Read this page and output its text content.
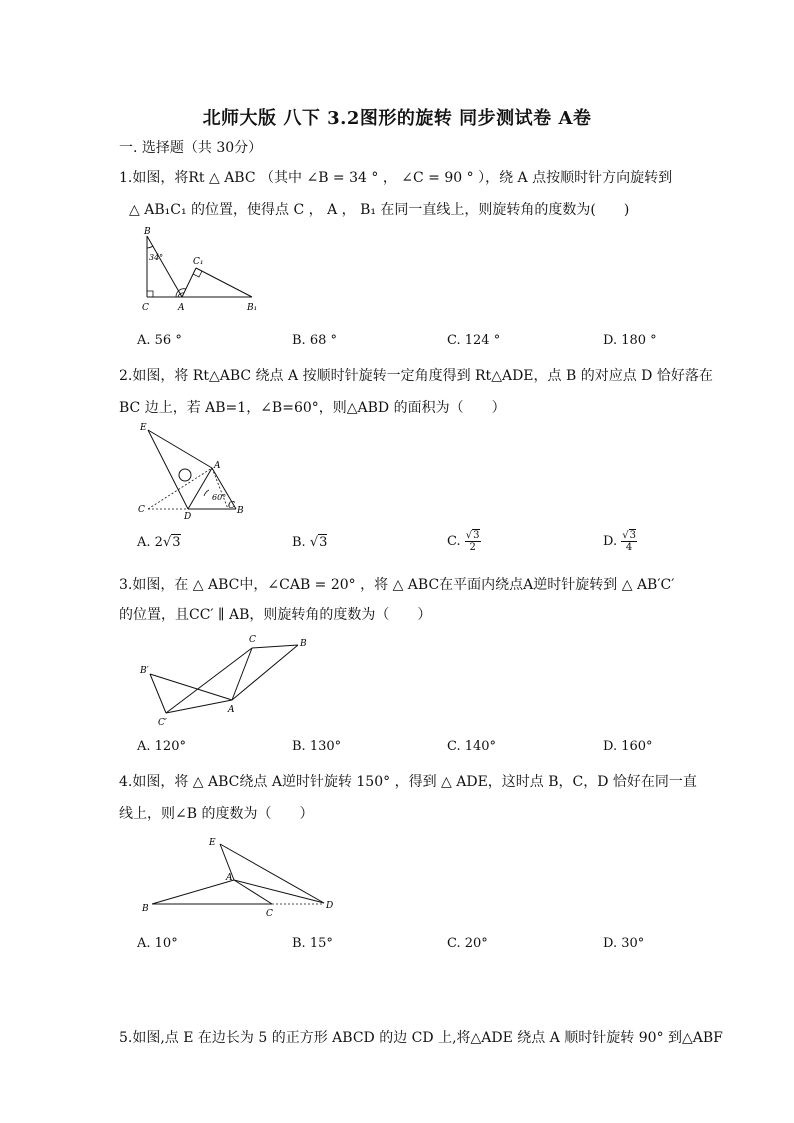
北师大版 八下 3.2图形的旋转 同步测试卷 A卷
一. 选择题（共 30分）
1.如图，将Rt △ ABC （其中 ∠B = 34 ° ， ∠C = 90 ° ），绕 A 点按顺时针方向旋转到
△ AB₁C₁ 的位置，使得点 C ， A ， B₁ 在同一直线上，则旋转角的度数为(　　)
B
34°
C	A
C₁
B₁
A. 56 °	B. 68 °	C. 124 °	D. 180 °
2.如图，将 Rt△ABC 绕点 A 按顺时针旋转一定角度得到 Rt△ADE，点 B 的对应点 D 恰好落在
BC 边上，若 AB=1，∠B=60°，则△ABD 的面积为（　　）
E
A
60°
C
D
C B
A. 2√3	B. √3	C. $\frac{√3}{2}$	D. $\frac{√3}{4}$
3.如图，在 △ ABC中，∠CAB = 20° ，将 △ ABC在平面内绕点A逆时针旋转到 △ AB′C′
的位置，且CC′ ∥ AB，则旋转角的度数为（　　）
C	B
B′
C′
A
A. 120°	B. 130°	C. 140°	D. 160°
4.如图，将 △ ABC绕点 A逆时针旋转 150° ，得到 △ ADE，这时点 B，C，D 恰好在同一直
线上，则∠B 的度数为（　　）
E
A
B	C
D
A. 10°	B. 15°	C. 20°	D. 30°
5.如图,点 E 在边长为 5 的正方形 ABCD 的边 CD 上,将△ADE 绕点 A 顺时针旋转 90° 到△ABF
